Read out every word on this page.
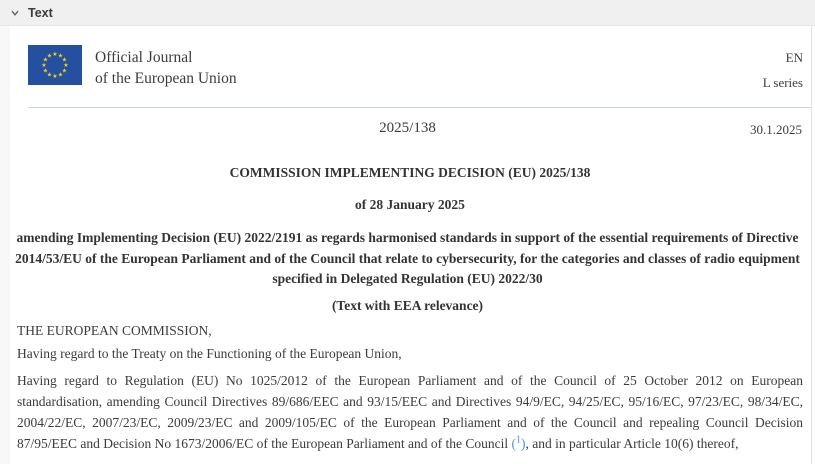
Text
★ ★
★
★
★
★
★
★
★
★
★
★	Official Journal
of the European Union
EN
L series
2025/138	30.1.2025

COMMISSION IMPLEMENTING DECISION (EU) 2025/138

of 28 January 2025

amending Implementing Decision (EU) 2022/2191 as regards harmonised standards in support of the essential requirements of Directive 2014/53/EU of the European Parliament and of the Council that relate to cybersecurity, for the categories and classes of radio equipment specified in Delegated Regulation (EU) 2022/30

(Text with EEA relevance)

THE EUROPEAN COMMISSION,

Having regard to the Treaty on the Functioning of the European Union,

Having regard to Regulation (EU) No 1025/2012 of the European Parliament and of the Council of 25 October 2012 on European standardisation, amending Council Directives 89/686/EEC and 93/15/EEC and Directives 94/9/EC, 94/25/EC, 95/16/EC, 97/23/EC, 98/34/EC, 2004/22/EC, 2007/23/EC, 2009/23/EC and 2009/105/EC of the European Parliament and of the Council and repealing Council Decision 87/95/EEC and Decision No 1673/2006/EC of the European Parliament and of the Council ($^1$), and in particular Article 10(6) thereof,
